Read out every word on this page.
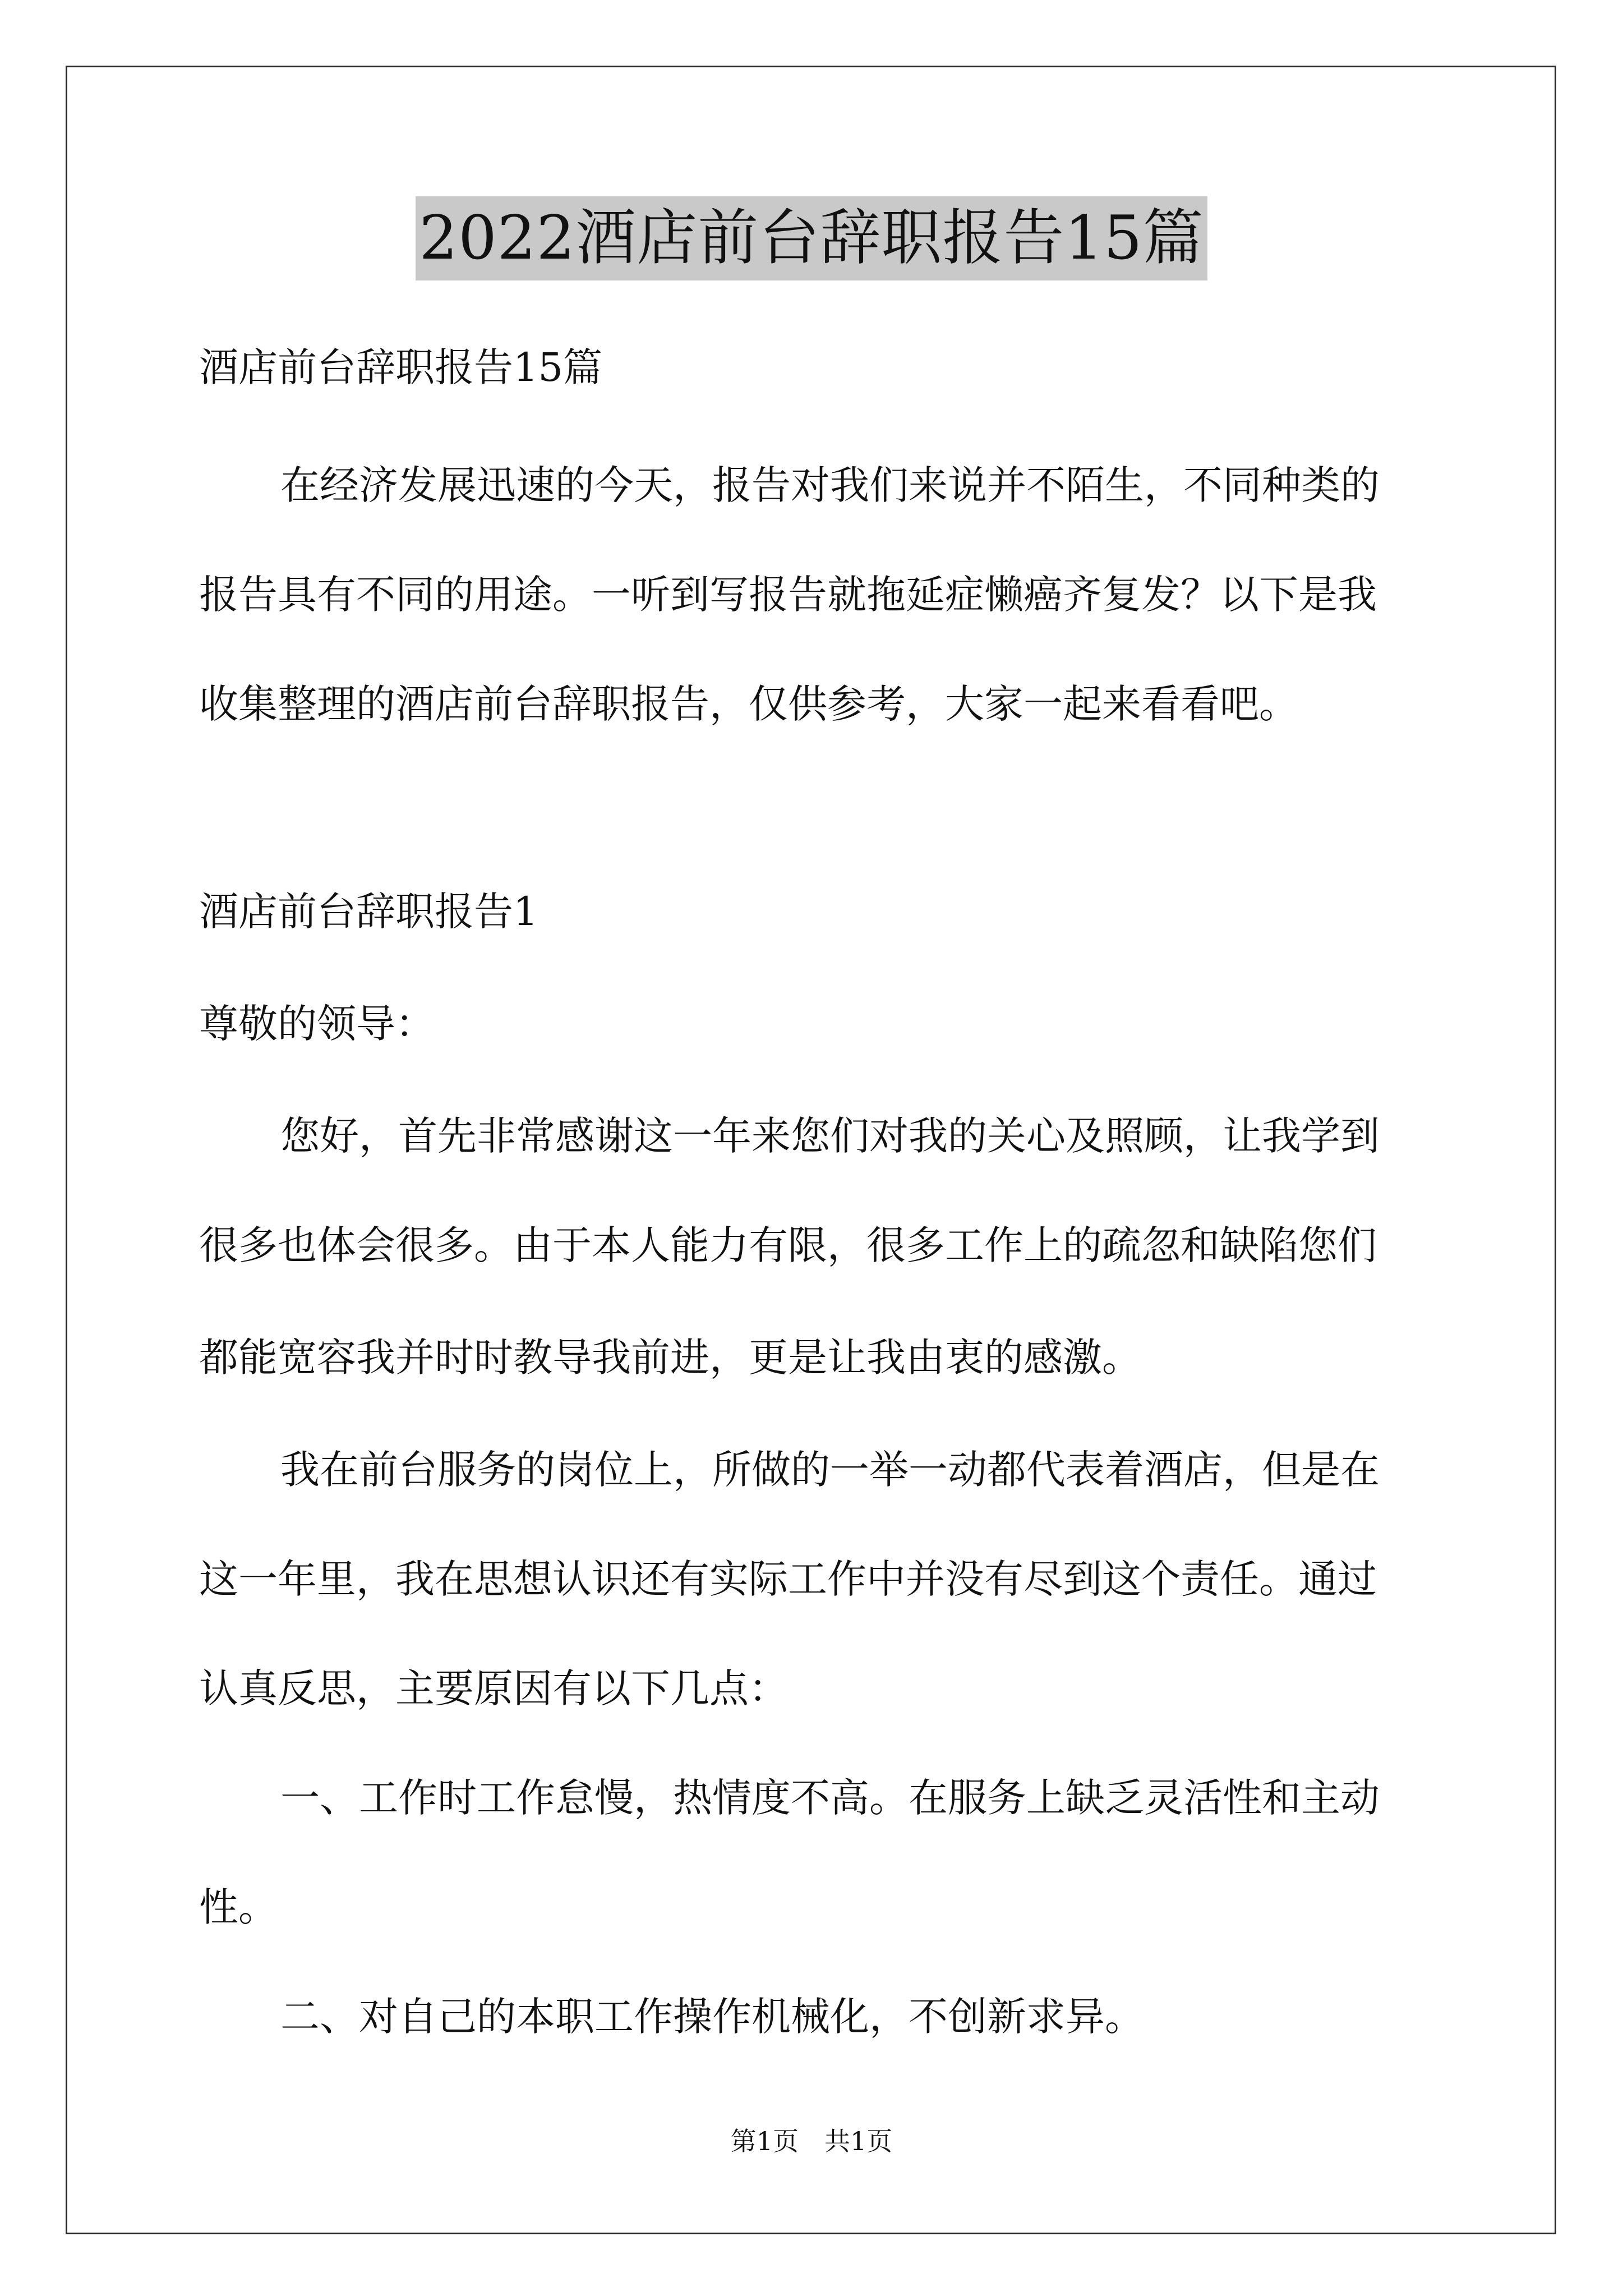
2022酒店前台辞职报告15篇
酒店前台辞职报告15篇
在经济发展迅速的今天，报告对我们来说并不陌生，不同种类的
报告具有不同的用途。一听到写报告就拖延症懒癌齐复发？以下是我
收集整理的酒店前台辞职报告，仅供参考，大家一起来看看吧。
酒店前台辞职报告1
尊敬的领导：
您好，首先非常感谢这一年来您们对我的关心及照顾，让我学到
很多也体会很多。由于本人能力有限，很多工作上的疏忽和缺陷您们
都能宽容我并时时教导我前进，更是让我由衷的感激。
我在前台服务的岗位上，所做的一举一动都代表着酒店，但是在
这一年里，我在思想认识还有实际工作中并没有尽到这个责任。通过
认真反思，主要原因有以下几点：
一、工作时工作怠慢，热情度不高。在服务上缺乏灵活性和主动
性。
二、对自己的本职工作操作机械化，不创新求异。
第1页　共1页
